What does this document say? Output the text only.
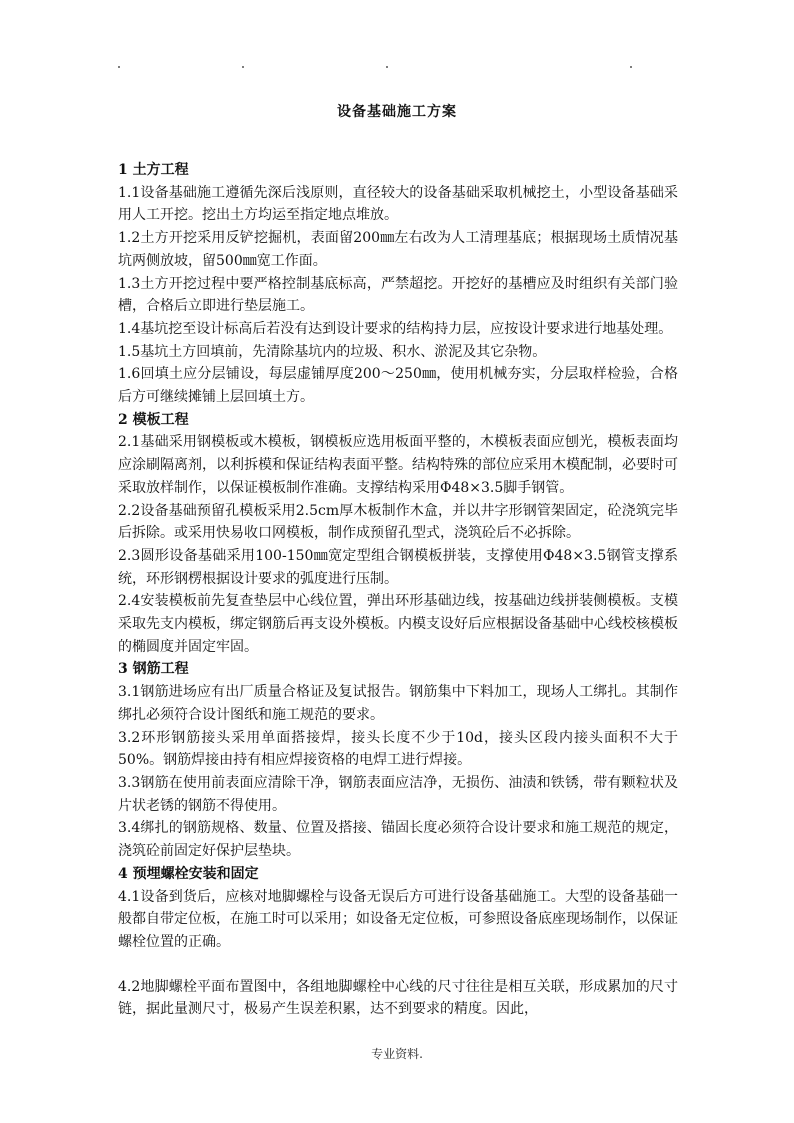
设备基础施工方案
1 土方工程

1.1设备基础施工遵循先深后浅原则，直径较大的设备基础采取机械挖土，小型设备基础采用人工开挖。挖出土方均运至指定地点堆放。

1.2土方开挖采用反铲挖掘机，表面留200㎜左右改为人工清理基底；根据现场土质情况基坑两侧放坡，留500㎜宽工作面。

1.3土方开挖过程中要严格控制基底标高，严禁超挖。开挖好的基槽应及时组织有关部门验槽，合格后立即进行垫层施工。

1.4基坑挖至设计标高后若没有达到设计要求的结构持力层，应按设计要求进行地基处理。

1.5基坑土方回填前，先清除基坑内的垃圾、积水、淤泥及其它杂物。

1.6回填土应分层铺设，每层虚铺厚度200～250㎜，使用机械夯实，分层取样检验，合格后方可继续摊铺上层回填土方。

2 模板工程

2.1基础采用钢模板或木模板，钢模板应选用板面平整的，木模板表面应刨光，模板表面均应涂刷隔离剂，以利拆模和保证结构表面平整。结构特殊的部位应采用木模配制，必要时可采取放样制作，以保证模板制作准确。支撑结构采用Φ48×3.5脚手钢管。

2.2设备基础预留孔模板采用2.5cm厚木板制作木盒，并以井字形钢管架固定，砼浇筑完毕后拆除。或采用快易收口网模板，制作成预留孔型式，浇筑砼后不必拆除。

2.3圆形设备基础采用100-150㎜宽定型组合钢模板拼装，支撑使用Φ48×3.5钢管支撑系统，环形钢楞根据设计要求的弧度进行压制。

2.4安装模板前先复查垫层中心线位置，弹出环形基础边线，按基础边线拼装侧模板。支模采取先支内模板，绑定钢筋后再支设外模板。内模支设好后应根据设备基础中心线校核模板的椭圆度并固定牢固。

3 钢筋工程

3.1钢筋进场应有出厂质量合格证及复试报告。钢筋集中下料加工，现场人工绑扎。其制作绑扎必须符合设计图纸和施工规范的要求。

3.2环形钢筋接头采用单面搭接焊，接头长度不少于10d，接头区段内接头面积不大于50%。钢筋焊接由持有相应焊接资格的电焊工进行焊接。

3.3钢筋在使用前表面应清除干净，钢筋表面应洁净，无损伤、油渍和铁锈，带有颗粒状及片状老锈的钢筋不得使用。

3.4绑扎的钢筋规格、数量、位置及搭接、锚固长度必须符合设计要求和施工规范的规定，浇筑砼前固定好保护层垫块。

4 预埋螺栓安装和固定

4.1设备到货后，应核对地脚螺栓与设备无误后方可进行设备基础施工。大型的设备基础一般都自带定位板，在施工时可以采用；如设备无定位板，可参照设备底座现场制作，以保证螺栓位置的正确。

4.2地脚螺栓平面布置图中，各组地脚螺栓中心线的尺寸往往是相互关联，形成累加的尺寸链，据此量测尺寸，极易产生误差积累，达不到要求的精度。因此，

专业资料.
